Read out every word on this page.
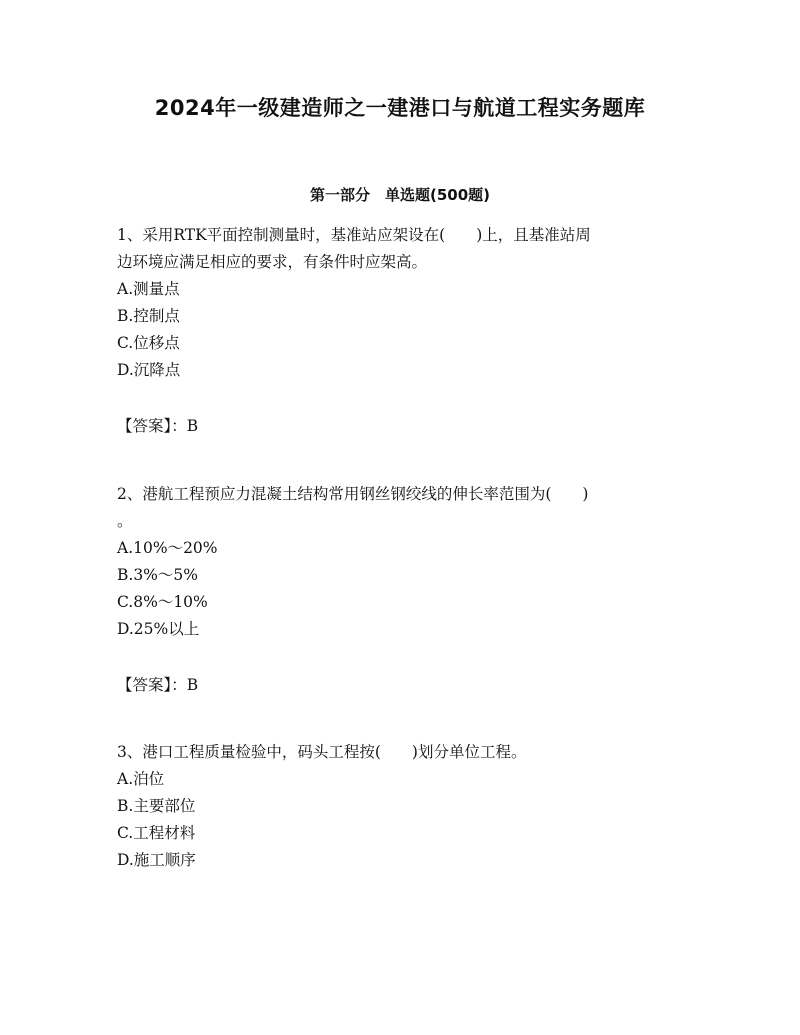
2024年一级建造师之一建港口与航道工程实务题库
第一部分　单选题(500题)
1、采用RTK平面控制测量时，基准站应架设在(　　)上，且基准站周
边环境应满足相应的要求，有条件时应架高。
A.测量点
B.控制点
C.位移点
D.沉降点
【答案】：B
2、港航工程预应力混凝土结构常用钢丝钢绞线的伸长率范围为(　　)
。
A.10%～20%
B.3%～5%
C.8%～10%
D.25%以上
【答案】：B
3、港口工程质量检验中，码头工程按(　　)划分单位工程。
A.泊位
B.主要部位
C.工程材料
D.施工顺序
